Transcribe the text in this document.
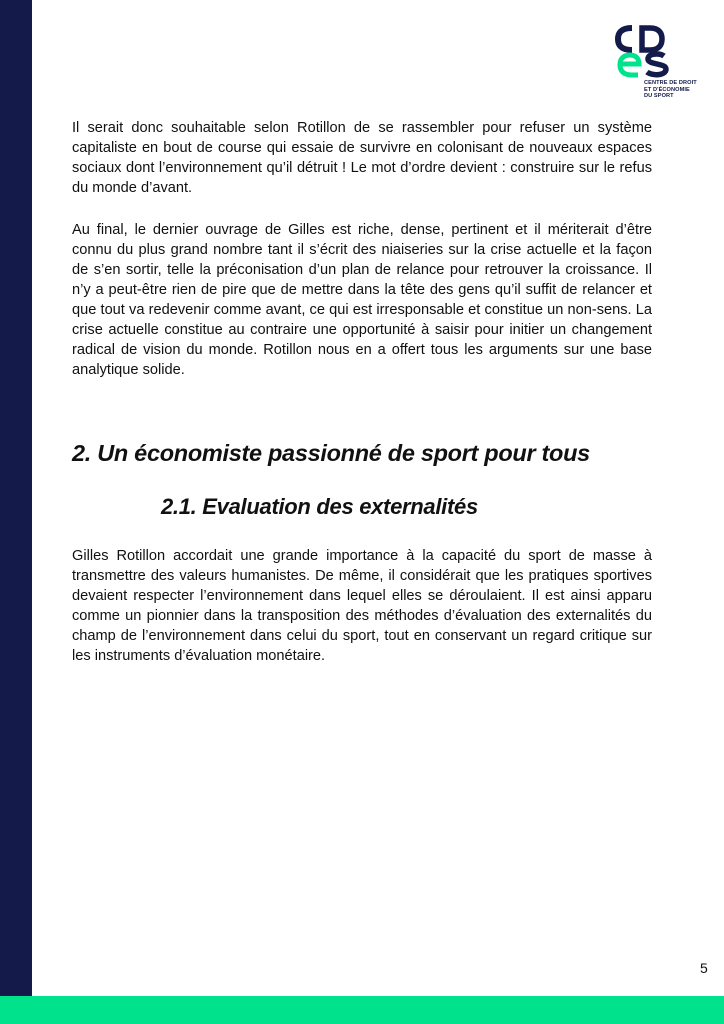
CENTRE DE DROIT
ET D'ÉCONOMIE
DU SPORT

Il serait donc souhaitable selon Rotillon de se rassembler pour refuser un système capitaliste en bout de course qui essaie de survivre en colonisant de nouveaux espaces sociaux dont l’environnement qu’il détruit ! Le mot d’ordre devient : construire sur le refus du monde d’avant.

Au final, le dernier ouvrage de Gilles est riche, dense, pertinent et il mériterait d’être connu du plus grand nombre tant il s’écrit des niaiseries sur la crise actuelle et la façon de s’en sortir, telle la préconisation d’un plan de relance pour retrouver la croissance. Il n’y a peut-être rien de pire que de mettre dans la tête des gens qu’il suffit de relancer et que tout va redevenir comme avant, ce qui est irresponsable et constitue un non-sens. La crise actuelle constitue au contraire une opportunité à saisir pour initier un changement radical de vision du monde. Rotillon nous en a offert tous les arguments sur une base analytique solide.

2. Un économiste passionné de sport pour tous
2.1. Evaluation des externalités

Gilles Rotillon accordait une grande importance à la capacité du sport de masse à transmettre des valeurs humanistes. De même, il considérait que les pratiques sportives devaient respecter l’environnement dans lequel elles se déroulaient. Il est ainsi apparu comme un pionnier dans la transposition des méthodes d’évaluation des externalités du champ de l’environnement dans celui du sport, tout en conservant un regard critique sur les instruments d’évaluation monétaire.

5
